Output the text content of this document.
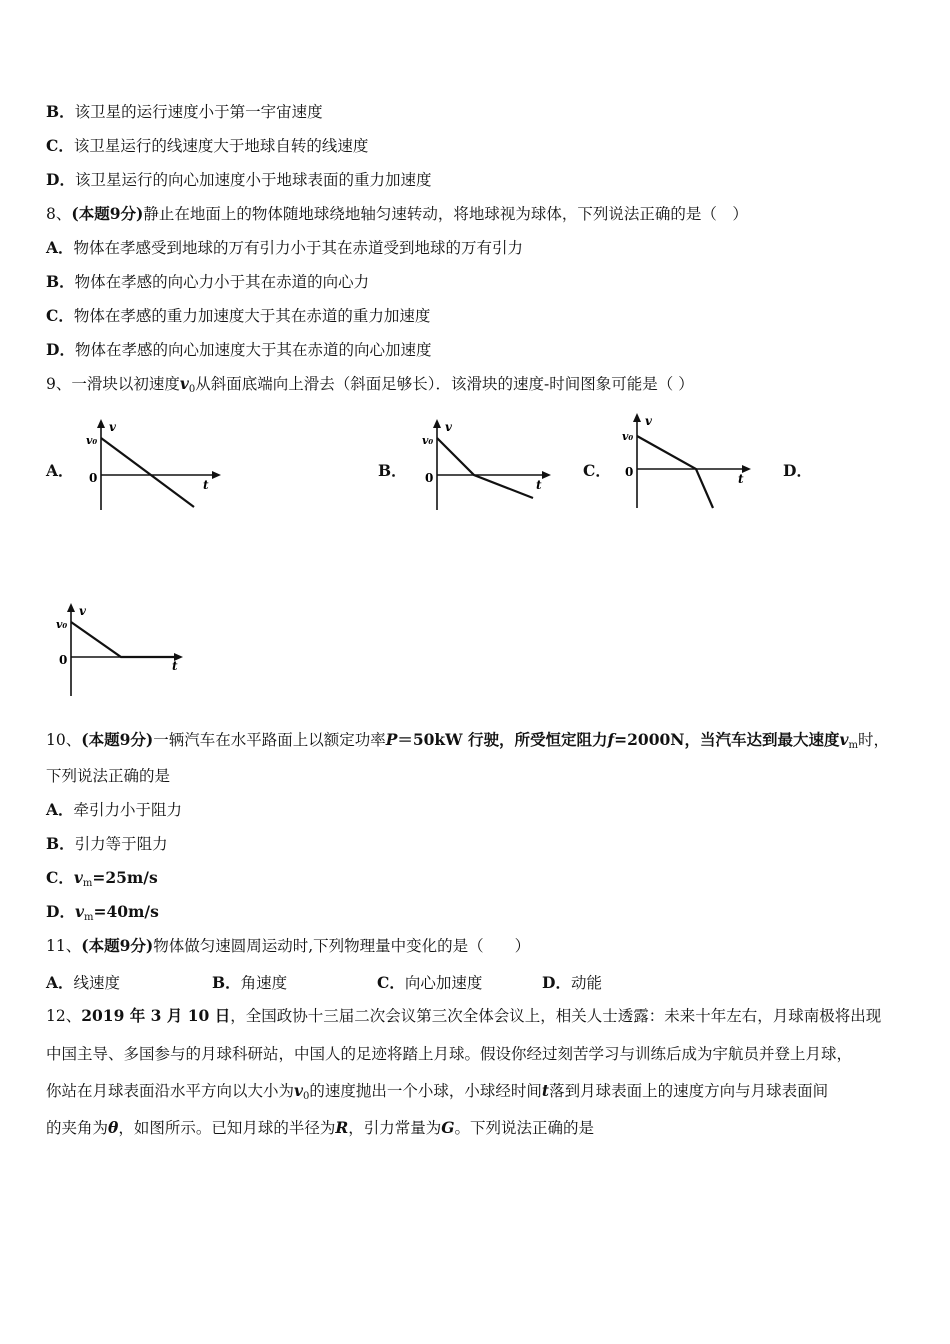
B．该卫星的运行速度小于第一宇宙速度
C．该卫星运行的线速度大于地球自转的线速度
D．该卫星运行的向心加速度小于地球表面的重力加速度
8、(本题9分)静止在地面上的物体随地球绕地轴匀速转动，将地球视为球体，下列说法正确的是（　）
A．物体在孝感受到地球的万有引力小于其在赤道受到地球的万有引力
B．物体在孝感的向心力小于其在赤道的向心力
C．物体在孝感的重力加速度大于其在赤道的重力加速度
D．物体在孝感的向心加速度大于其在赤道的向心加速度
9、一滑块以初速度$v_0$从斜面底端向上滑去（斜面足够长）．该滑块的速度-时间图象可能是（ ）
A．	B．	C．	D．
v
v₀
0	t
v
v₀
0	t
v
v₀
0	t
v
v₀
0	t
10、(本题9分)一辆汽车在水平路面上以额定功率P＝50kW 行驶，所受恒定阻力f=2000N，当汽车达到最大速度$v_m$时，
下列说法正确的是
A．牵引力小于阻力
B．引力等于阻力
C．$v_m=25m/s$
D．$v_m=40m/s$
11、(本题9分)物体做匀速圆周运动时,下列物理量中变化的是（　　）
A．线速度	B．角速度	C．向心加速度	D．动能
12、2019 年 3 月 10 日，全国政协十三届二次会议第三次全体会议上，相关人士透露：未来十年左右，月球南极将出现
中国主导、多国参与的月球科研站，中国人的足迹将踏上月球。假设你经过刻苦学习与训练后成为宇航员并登上月球，
你站在月球表面沿水平方向以大小为$v_0$的速度抛出一个小球，小球经时间t落到月球表面上的速度方向与月球表面间
的夹角为θ，如图所示。已知月球的半径为R，引力常量为G。下列说法正确的是
